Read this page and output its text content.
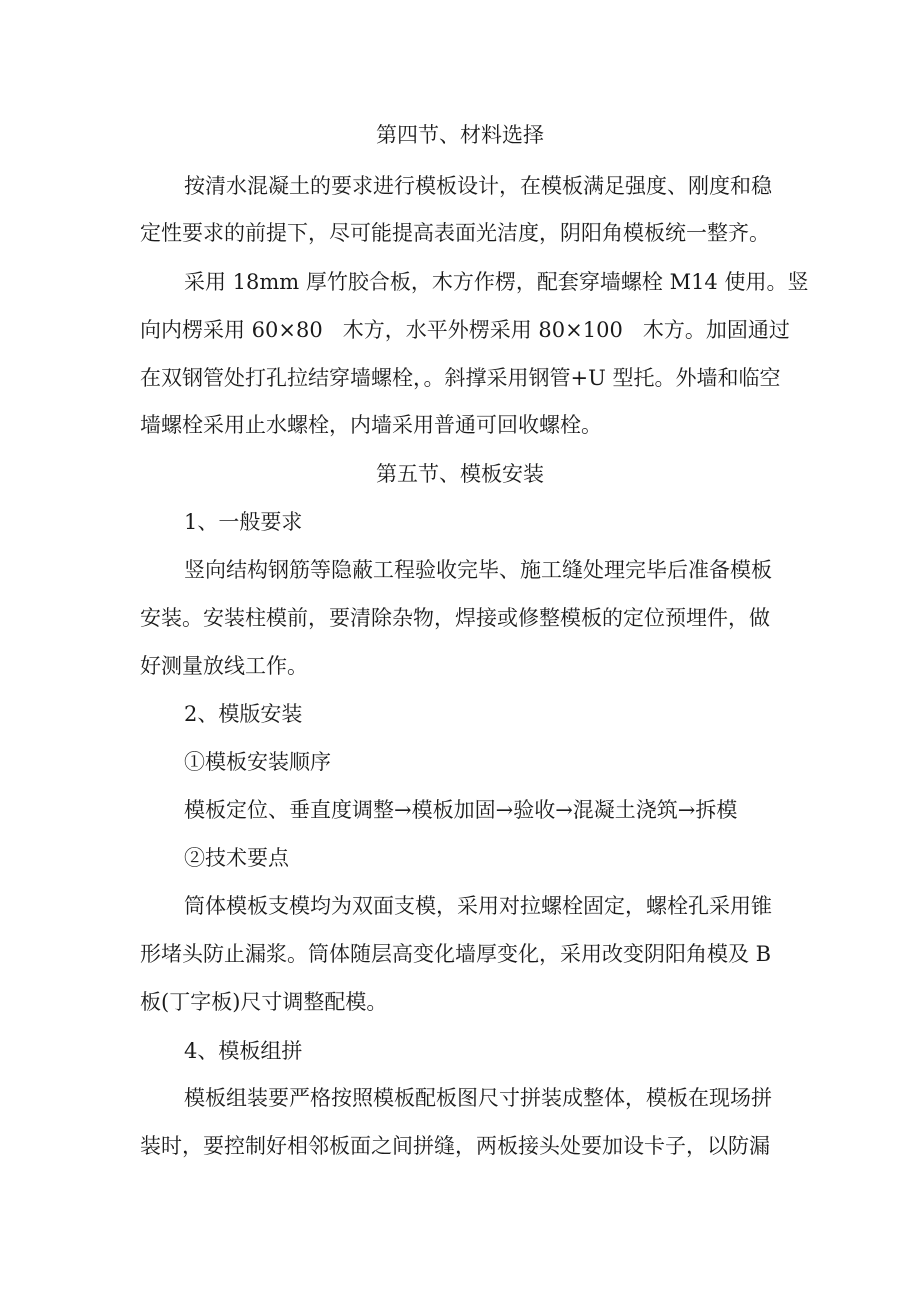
第四节、材料选择
按清水混凝土的要求进行模板设计，在模板满足强度、刚度和稳
定性要求的前提下，尽可能提高表面光洁度，阴阳角模板统一整齐。
采用 18mm 厚竹胶合板，木方作楞，配套穿墙螺栓 M14 使用。竖
向内楞采用 60×80   木方，水平外楞采用 80×100   木方。加固通过
在双钢管处打孔拉结穿墙螺栓，。斜撑采用钢管+U 型托。外墙和临空
墙螺栓采用止水螺栓，内墙采用普通可回收螺栓。
第五节、模板安装
1、一般要求
竖向结构钢筋等隐蔽工程验收完毕、施工缝处理完毕后准备模板
安装。安装柱模前，要清除杂物，焊接或修整模板的定位预埋件，做
好测量放线工作。
2、模版安装
①模板安装顺序
模板定位、垂直度调整→模板加固→验收→混凝土浇筑→拆模
②技术要点
筒体模板支模均为双面支模，采用对拉螺栓固定，螺栓孔采用锥
形堵头防止漏浆。筒体随层高变化墙厚变化，采用改变阴阳角模及 B
板(丁字板)尺寸调整配模。
4、模板组拼
模板组装要严格按照模板配板图尺寸拼装成整体，模板在现场拼
装时，要控制好相邻板面之间拼缝，两板接头处要加设卡子，以防漏
